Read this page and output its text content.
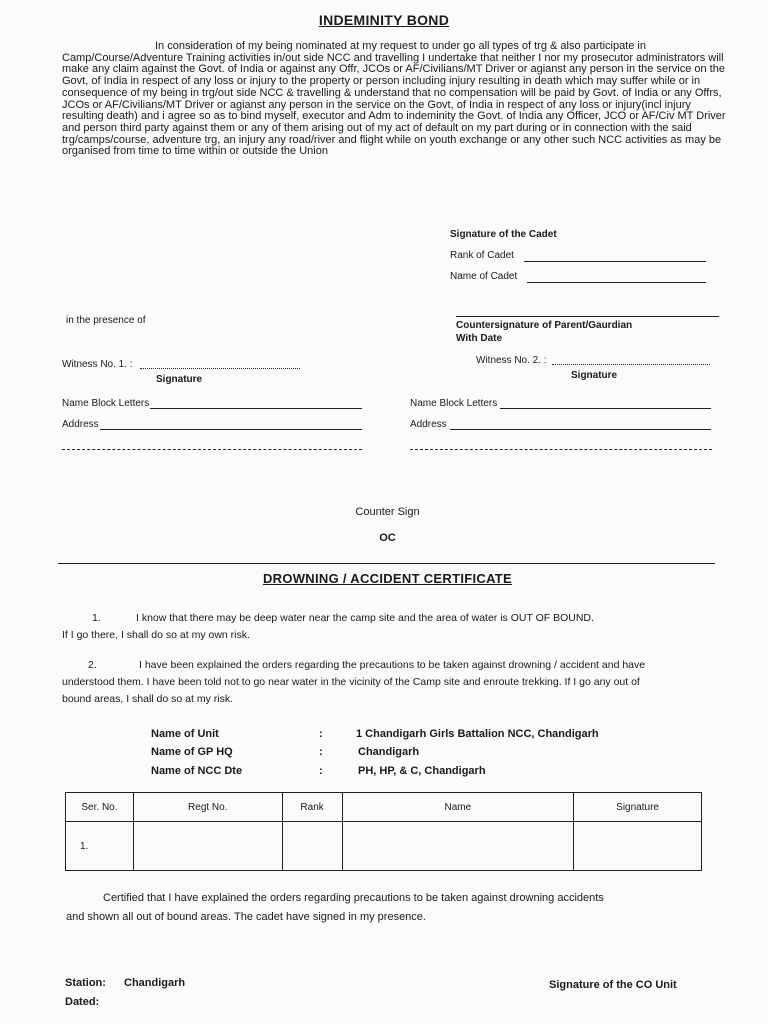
INDEMINITY BOND
In consideration of my being nominated at my request to under go all types of trg & also participate in Camp/Course/Adventure Training activities in/out side NCC and travelling I undertake that neither I nor my prosecutor administrators will make any claim against the Govt. of India or against any Offr, JCOs or AF/Civilians/MT Driver or agianst any person in the service on the Govt, of India in respect of any loss or injury to the property or person including injury resulting in death which may suffer while or in consequence of my being in trg/out side NCC & travelling & understand that no compensation will be paid by Govt. of India or any Offrs, JCOs or AF/Civilians/MT Driver or agianst any person in the service on the Govt, of India in respect of any loss or injury(incl injury resulting death) and i agree so as to bind myself, executor and Adm to indeminity the Govt. of India any Officer, JCO or AF/Civ MT Driver and person third party against them or any of them arising out of my act of default on my part during or in connection with the said trg/camps/course, adventure trg, an injury any road/river and flight while on youth exchange or any other such NCC activities as may be organised from time to time within or outside the Union
Signature of the Cadet
Rank of Cadet
Name of Cadet
in the presence of	Countersignature of Parent/Gaurdian
With Date
Witness No. 1. :
Signature
Name Block Letters
Address
Witness No. 2. :
Signature
Name Block Letters
Address
Counter Sign
OC
DROWNING / ACCIDENT CERTIFICATE
1.	I know that there may be deep water near the camp site and the area of water is OUT OF BOUND.
If I go there, I shall do so at my own risk.
2.	I have been explained the orders regarding the precautions to be taken against drowning / accident and have
understood them. I have been told not to go near water in the vicinity of the Camp site and enroute trekking. If I go any out of
bound areas, I shall do so at my risk.
Name of Unit	:	1 Chandigarh Girls Battalion NCC, Chandigarh
Name of GP HQ	:	Chandigarh
Name of NCC Dte	:	PH, HP, & C, Chandigarh
Ser. No.	Regt No.	Rank	Name	Signature
1.				
Certified that I have explained the orders regarding precautions to be taken against drowning accidents
and shown all out of bound areas. The cadet have signed in my presence.
Station: Chandigarh
Dated:
Signature of the CO Unit
